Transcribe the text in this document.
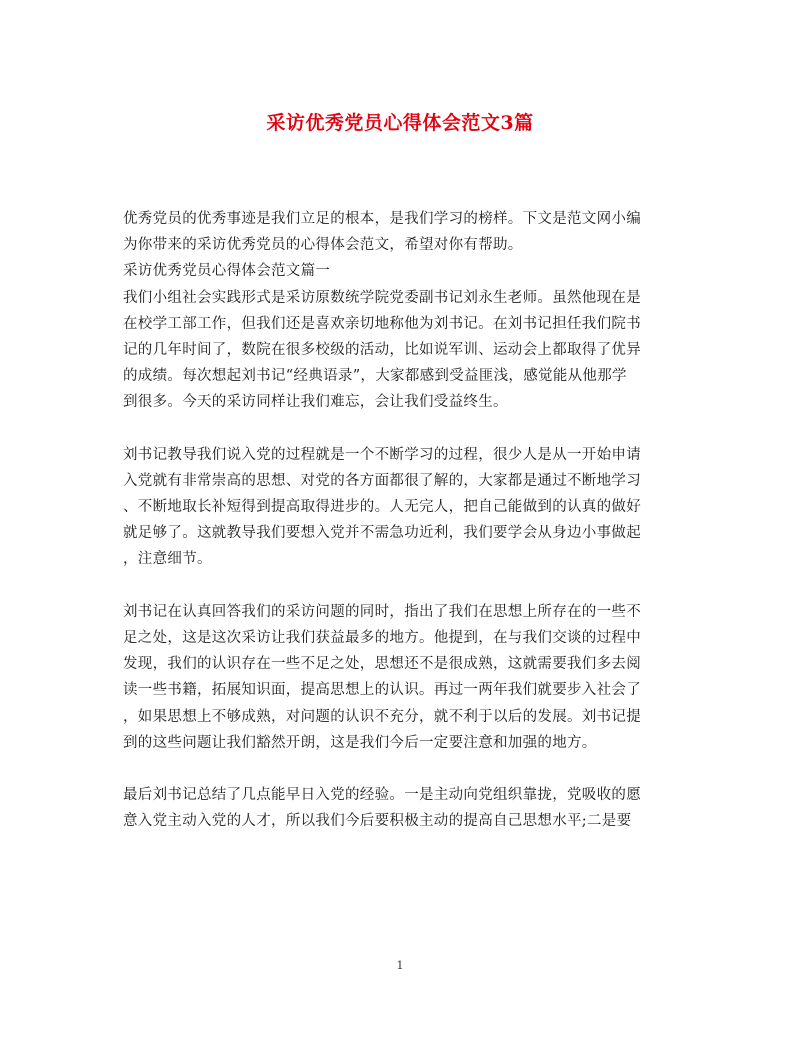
采访优秀党员心得体会范文3篇
优秀党员的优秀事迹是我们立足的根本，是我们学习的榜样。下文是范文网小编
为你带来的采访优秀党员的心得体会范文，希望对你有帮助。
采访优秀党员心得体会范文篇一
我们小组社会实践形式是采访原数统学院党委副书记刘永生老师。虽然他现在是
在校学工部工作，但我们还是喜欢亲切地称他为刘书记。在刘书记担任我们院书
记的几年时间了，数院在很多校级的活动，比如说军训、运动会上都取得了优异
的成绩。每次想起刘书记“经典语录”，大家都感到受益匪浅，感觉能从他那学
到很多。今天的采访同样让我们难忘，会让我们受益终生。
刘书记教导我们说入党的过程就是一个不断学习的过程，很少人是从一开始申请
入党就有非常崇高的思想、对党的各方面都很了解的，大家都是通过不断地学习
、不断地取长补短得到提高取得进步的。人无完人，把自己能做到的认真的做好
就足够了。这就教导我们要想入党并不需急功近利，我们要学会从身边小事做起
，注意细节。
刘书记在认真回答我们的采访问题的同时，指出了我们在思想上所存在的一些不
足之处，这是这次采访让我们获益最多的地方。他提到，在与我们交谈的过程中
发现，我们的认识存在一些不足之处，思想还不是很成熟，这就需要我们多去阅
读一些书籍，拓展知识面，提高思想上的认识。再过一两年我们就要步入社会了
，如果思想上不够成熟，对问题的认识不充分，就不利于以后的发展。刘书记提
到的这些问题让我们豁然开朗，这是我们今后一定要注意和加强的地方。
最后刘书记总结了几点能早日入党的经验。一是主动向党组织靠拢，党吸收的愿
意入党主动入党的人才，所以我们今后要积极主动的提高自己思想水平;二是要
1
